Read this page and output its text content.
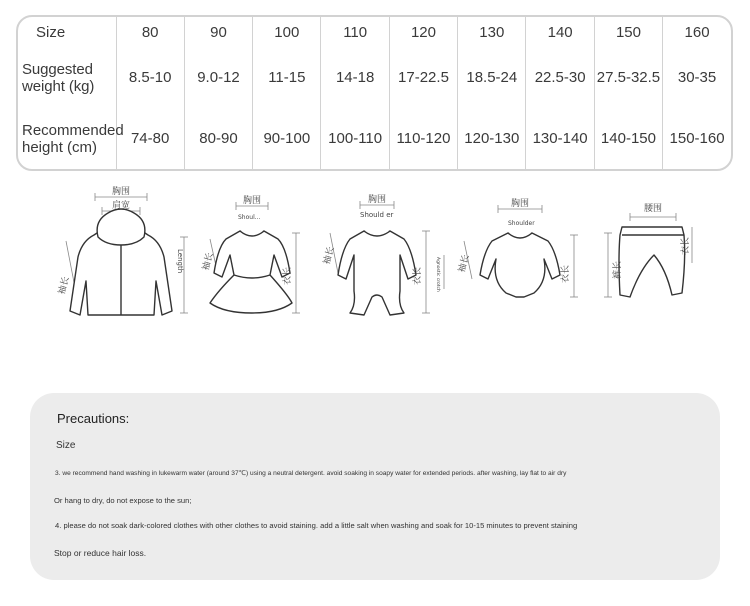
Size	80	90	100	110	120	130	140	150	160
Suggested weight (kg)	8.5-10	9.0-12	11-15	14-18	17-22.5	18.5-24	22.5-30	27.5-32.5	30-35
Recommended height (cm)	74-80	80-90	90-100	100-110	110-120	120-130	130-140	140-150	150-160
胸围
肩宽
袖长
Length
胸围
Shoul...
袖长
衣长
胸围
Should er
袖长
衣长	Agnostic crotch
胸围
Shoulder
袖长
衣长
腰围
裤长
衣长
Precautions:
Size
3. we recommend hand washing in lukewarm water (around 37℃) using a neutral detergent. avoid soaking in soapy water for extended periods. after washing, lay flat to air dry
Or hang to dry, do not expose to the sun;
4. please do not soak dark-colored clothes with other clothes to avoid staining. add a little salt when washing and soak for 10-15 minutes to prevent staining
Stop or reduce hair loss.
